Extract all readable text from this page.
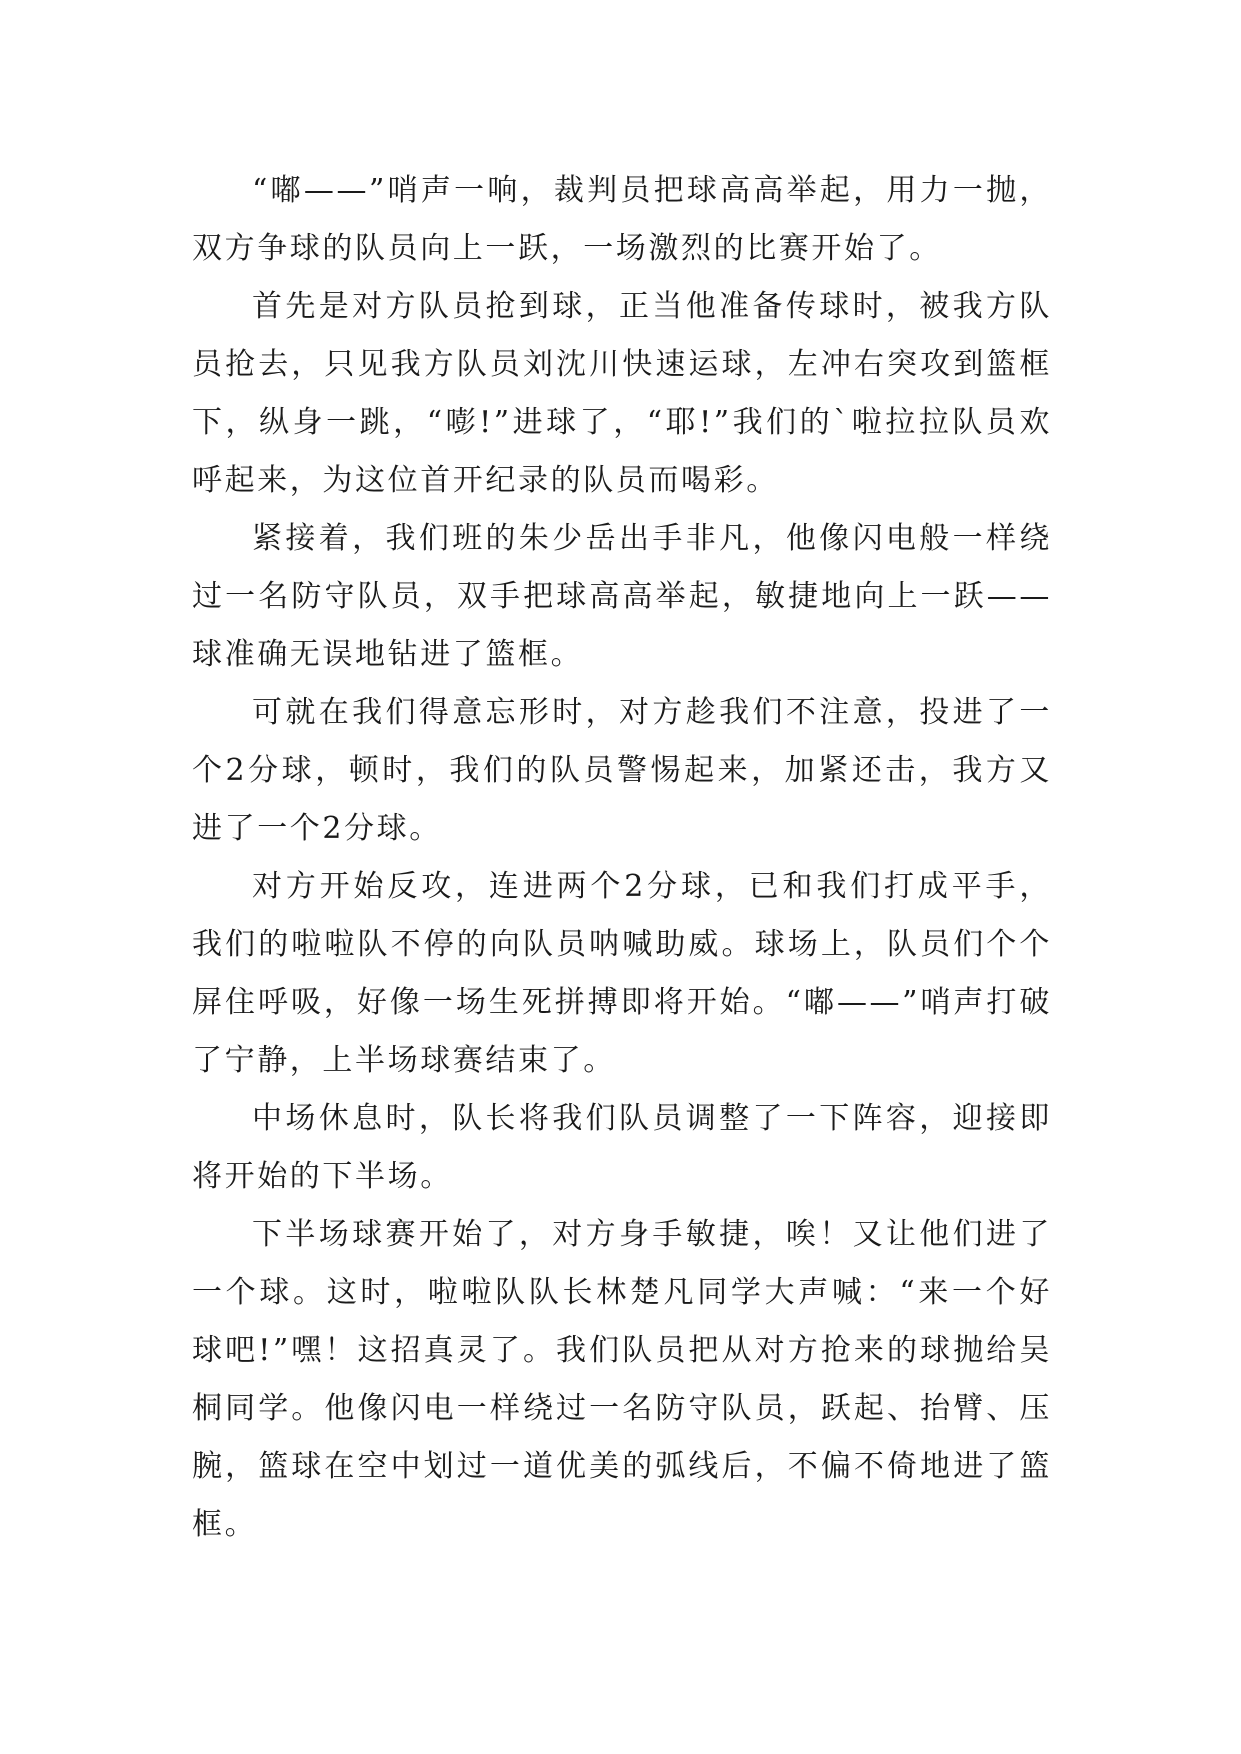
“嘟——”哨声一响，裁判员把球高高举起，用力一抛，双方争球的队员向上一跃，一场激烈的比赛开始了。

首先是对方队员抢到球，正当他准备传球时，被我方队员抢去，只见我方队员刘沈川快速运球，左冲右突攻到篮框下，纵身一跳，“嘭!”进球了，“耶!”我们的`啦拉拉队员欢呼起来，为这位首开纪录的队员而喝彩。

紧接着，我们班的朱少岳出手非凡，他像闪电般一样绕过一名防守队员，双手把球高高举起，敏捷地向上一跃——球准确无误地钻进了篮框。

可就在我们得意忘形时，对方趁我们不注意，投进了一个2分球，顿时，我们的队员警惕起来，加紧还击，我方又进了一个2分球。

对方开始反攻，连进两个2分球，已和我们打成平手，我们的啦啦队不停的向队员呐喊助威。球场上，队员们个个屏住呼吸，好像一场生死拼搏即将开始。“嘟——”哨声打破了宁静，上半场球赛结束了。

中场休息时，队长将我们队员调整了一下阵容，迎接即将开始的下半场。

下半场球赛开始了，对方身手敏捷，唉！又让他们进了一个球。这时，啦啦队队长林楚凡同学大声喊：“来一个好球吧!”嘿！这招真灵了。我们队员把从对方抢来的球抛给吴桐同学。他像闪电一样绕过一名防守队员，跃起、抬臂、压腕，篮球在空中划过一道优美的弧线后，不偏不倚地进了篮框。
